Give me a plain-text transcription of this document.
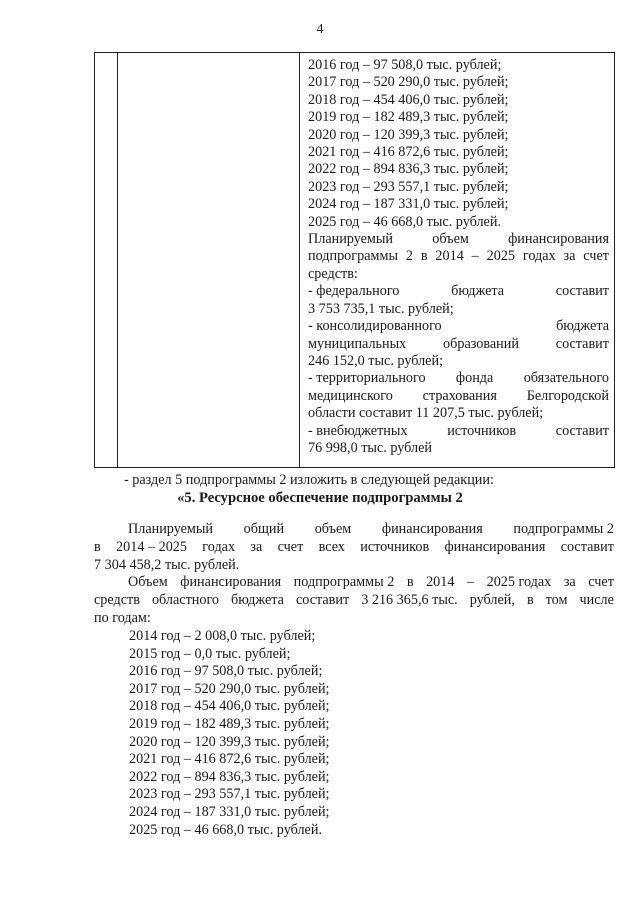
4

2016 год – 97 508,0 тыс. рублей;
2017 год – 520 290,0 тыс. рублей;
2018 год – 454 406,0 тыс. рублей;
2019 год – 182 489,3 тыс. рублей;
2020 год – 120 399,3 тыс. рублей;
2021 год – 416 872,6 тыс. рублей;
2022 год – 894 836,3 тыс. рублей;
2023 год – 293 557,1 тыс. рублей;
2024 год – 187 331,0 тыс. рублей;
2025 год – 46 668,0 тыс. рублей.
Планируемый	объем	финансирования
подпрограммы 2 в 2014 – 2025 годах за счет
средств:
- федерального	бюджета	составит
3 753 735,1 тыс. рублей;
- консолидированного	бюджета
муниципальных	образований	составит
246 152,0 тыс. рублей;
- территориального фонда обязательного
медицинского страхования Белгородской
области составит 11 207,5 тыс. рублей;
- внебюджетных	источников	составит
76 998,0 тыс. рублей
- раздел 5 подпрограммы 2 изложить в следующей редакции:
«5. Ресурсное обеспечение подпрограммы 2
Планируемый общий объем финансирования подпрограммы 2
в 2014 – 2025 годах за счет всех источников финансирования составит
7 304 458,2 тыс. рублей.
Объем финансирования подпрограммы 2 в 2014 – 2025 годах за счет
средств областного бюджета составит 3 216 365,6 тыс. рублей, в том числе
по годам:
2014 год – 2 008,0 тыс. рублей;
2015 год – 0,0 тыс. рублей;
2016 год – 97 508,0 тыс. рублей;
2017 год – 520 290,0 тыс. рублей;
2018 год – 454 406,0 тыс. рублей;
2019 год – 182 489,3 тыс. рублей;
2020 год – 120 399,3 тыс. рублей;
2021 год – 416 872,6 тыс. рублей;
2022 год – 894 836,3 тыс. рублей;
2023 год – 293 557,1 тыс. рублей;
2024 год – 187 331,0 тыс. рублей;
2025 год – 46 668,0 тыс. рублей.
